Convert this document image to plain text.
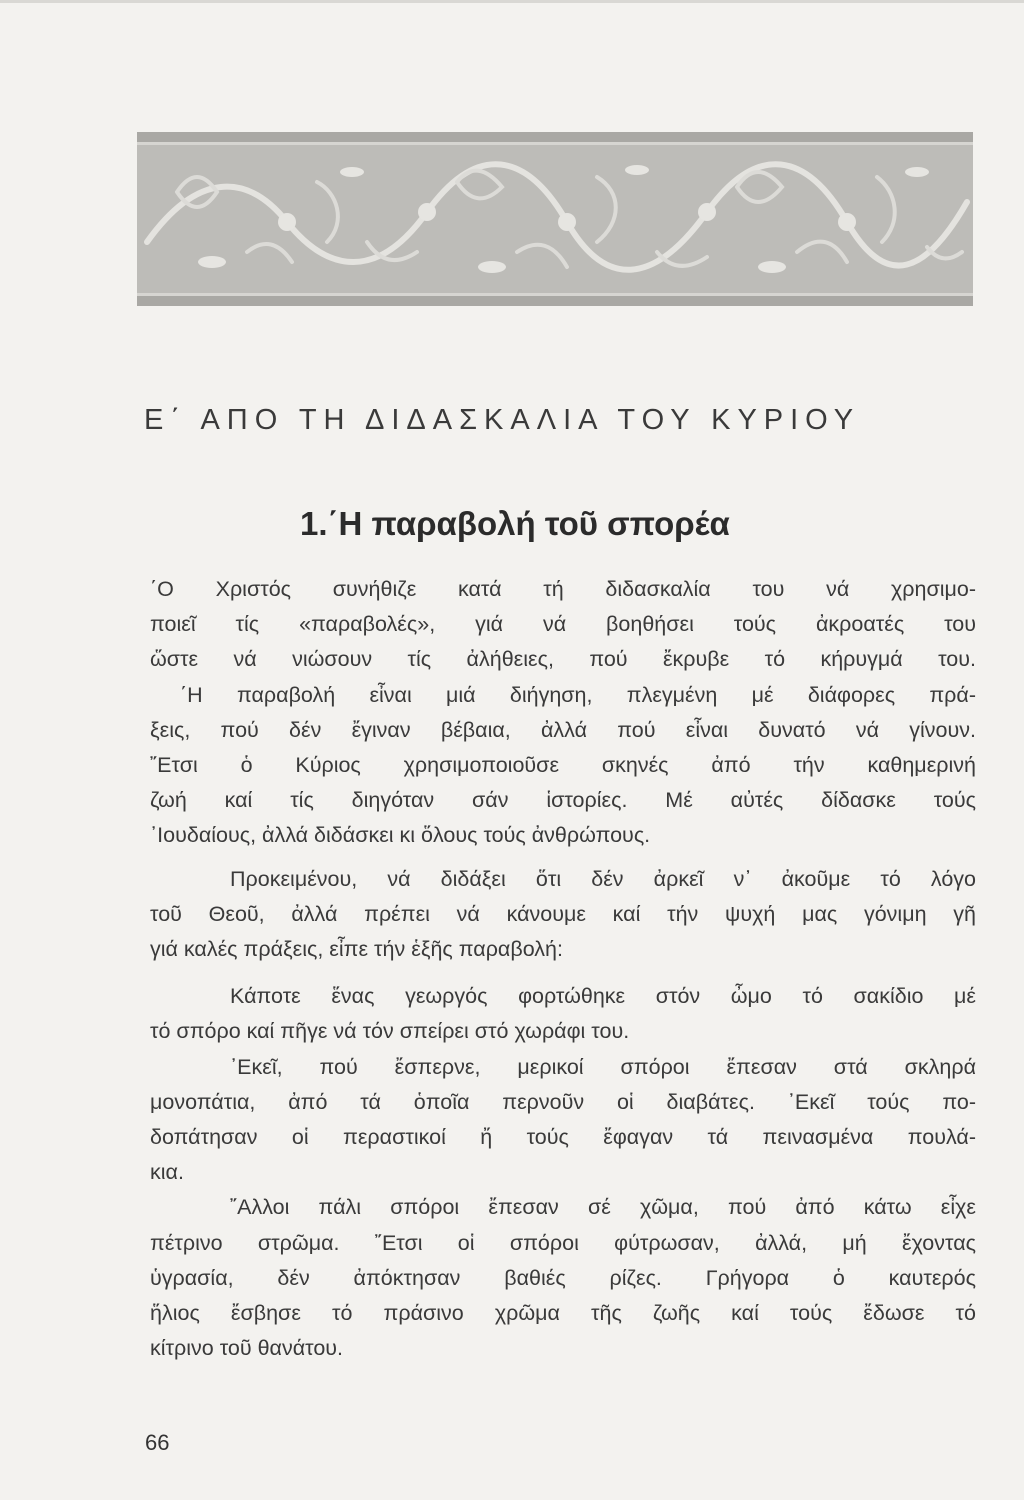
Ε΄ ΑΠΟ ΤΗ ΔΙΔΑΣΚΑΛΙΑ ΤΟΥ ΚΥΡΙΟΥ
1.΄Η παραβολή τοῦ σπορέα
΄Ο Χριστός συνήθιζε κατά τή διδασκαλία του νά χρησιμο-
ποιεῖ τίς «παραβολές», γιά νά βοηθήσει τούς ἀκροατές του
ὥστε νά νιώσουν τίς ἀλήθειες, πού ἔκρυβε τό κήρυγμά του.
΄Η παραβολή εἶναι μιά διήγηση, πλεγμένη μέ διάφορες πρά-
ξεις, πού δέν ἔγιναν βέβαια, ἀλλά πού εἶναι δυνατό νά γίνουν.
῎Ετσι ὁ Κύριος χρησιμοποιοῦσε σκηνές ἀπό τήν καθημερινή
ζωή καί τίς διηγόταν σάν ἱστορίες. Μέ αὐτές δίδασκε τούς
᾿Ιουδαίους, ἀλλά διδάσκει κι ὅλους τούς ἀνθρώπους.
Προκειμένου, νά διδάξει ὅτι δέν ἀρκεῖ ν᾿ ἀκοῦμε τό λόγο
τοῦ Θεοῦ, ἀλλά πρέπει νά κάνουμε καί τήν ψυχή μας γόνιμη γῆ
γιά καλές πράξεις, εἶπε τήν ἑξῆς παραβολή:
Κάποτε ἕνας γεωργός φορτώθηκε στόν ὦμο τό σακίδιο μέ
τό σπόρο καί πῆγε νά τόν σπείρει στό χωράφι του.
᾿Εκεῖ, πού ἔσπερνε, μερικοί σπόροι ἔπεσαν στά σκληρά
μονοπάτια, ἀπό τά ὁποῖα περνοῦν οἱ διαβάτες. ᾿Εκεῖ τούς πο-
δοπάτησαν οἱ περαστικοί ἤ τούς ἔφαγαν τά πεινασμένα πουλά-
κια.
῎Αλλοι πάλι σπόροι ἔπεσαν σέ χῶμα, πού ἀπό κάτω εἶχε
πέτρινο στρῶμα. ῎Ετσι οἱ σπόροι φύτρωσαν, ἀλλά, μή ἔχοντας
ὑγρασία, δέν ἀπόκτησαν βαθιές ρίζες. Γρήγορα ὁ καυτερός
ἥλιος ἔσβησε τό πράσινο χρῶμα τῆς ζωῆς καί τούς ἔδωσε τό
κίτρινο τοῦ θανάτου.
66
